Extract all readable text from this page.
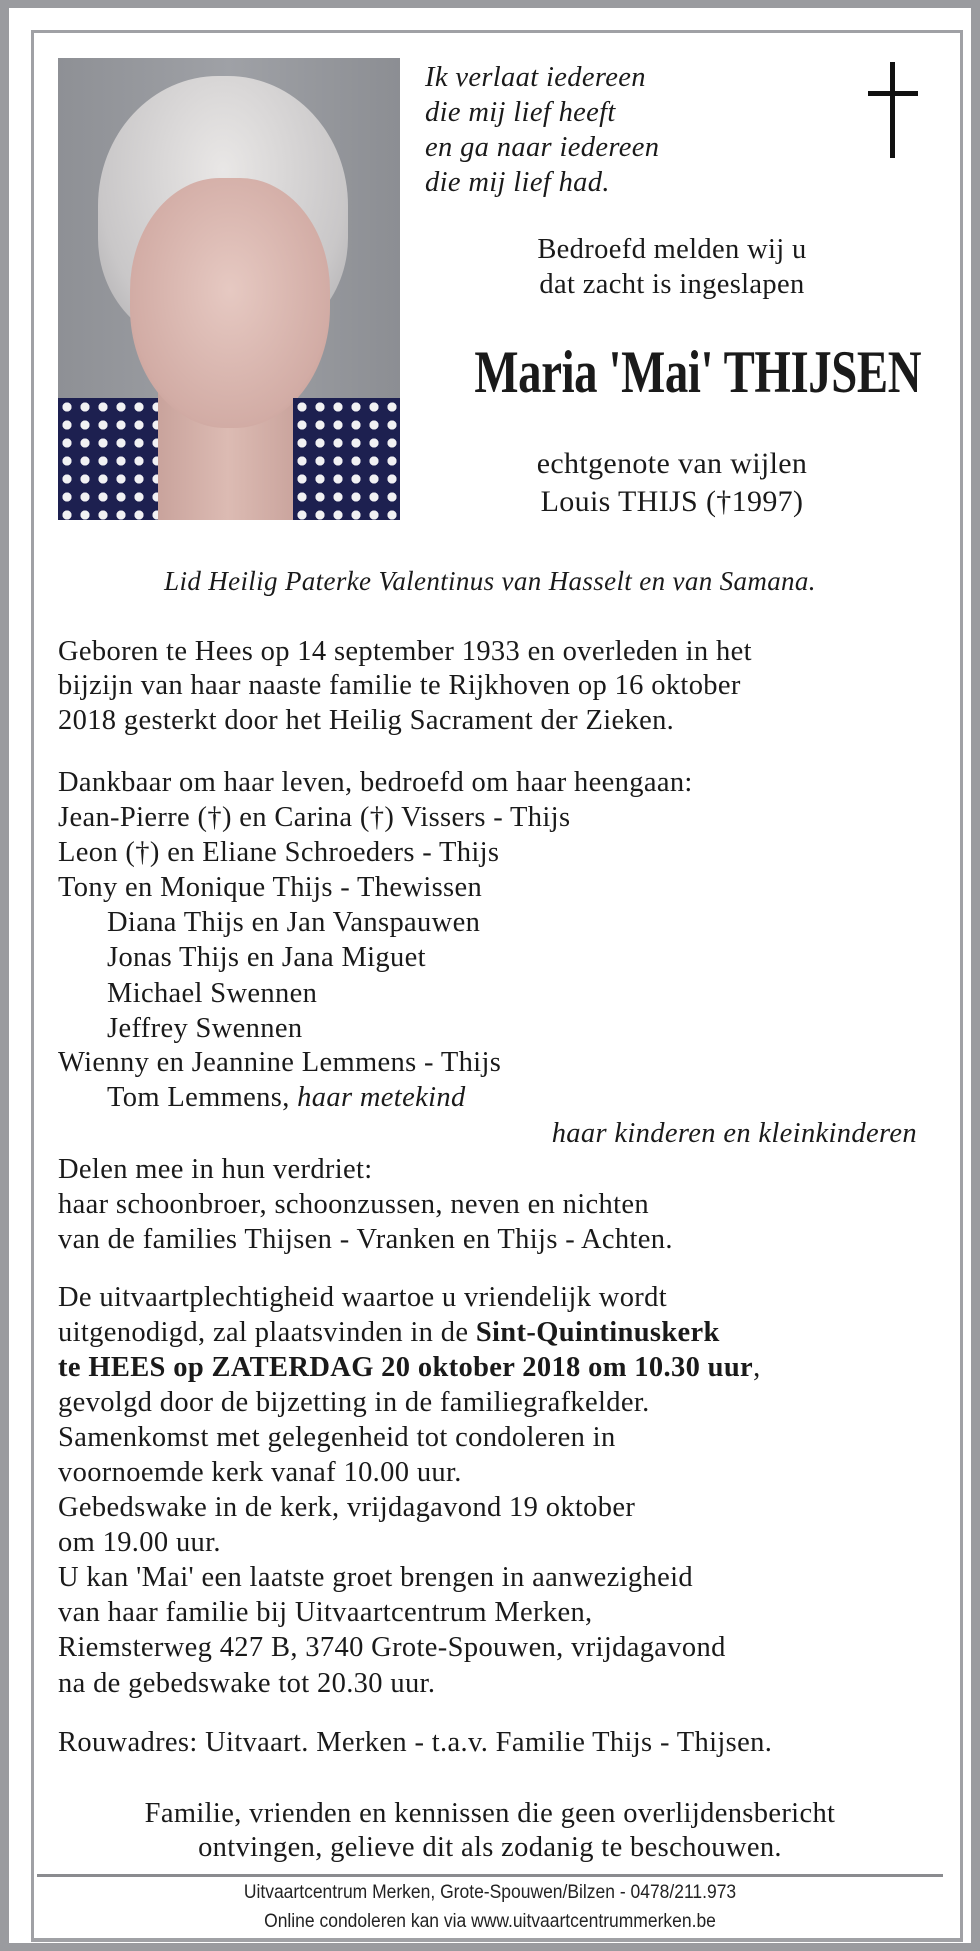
Ik verlaat iedereen
die mij lief heeft
en ga naar iedereen
die mij lief had.
Bedroefd melden wij u
dat zacht is ingeslapen
echtgenote van wijlen
Louis THIJS (†1997)
Lid Heilig Paterke Valentinus van Hasselt en van Samana.
Geboren te Hees op 14 september 1933 en overleden in het
bijzijn van haar naaste familie te Rijkhoven op 16 oktober
2018 gesterkt door het Heilig Sacrament der Zieken.
Dankbaar om haar leven, bedroefd om haar heengaan:
Jean-Pierre (†) en Carina (†) Vissers - Thijs
Leon (†) en Eliane Schroeders - Thijs
Tony en Monique Thijs - Thewissen
Diana Thijs en Jan Vanspauwen
Jonas Thijs en Jana Miguet
Michael Swennen
Jeffrey Swennen
Wienny en Jeannine Lemmens - Thijs
Tom Lemmens, haar metekind
haar kinderen en kleinkinderen
Delen mee in hun verdriet:
haar schoonbroer, schoonzussen, neven en nichten
van de families Thijsen - Vranken en Thijs - Achten.
De uitvaartplechtigheid waartoe u vriendelijk wordt
uitgenodigd, zal plaatsvinden in de Sint-Quintinuskerk
te HEES op ZATERDAG 20 oktober 2018 om 10.30 uur,
gevolgd door de bijzetting in de familiegrafkelder.
Samenkomst met gelegenheid tot condoleren in
voornoemde kerk vanaf 10.00 uur.
Gebedswake in de kerk, vrijdagavond 19 oktober
om 19.00 uur.
U kan 'Mai' een laatste groet brengen in aanwezigheid
van haar familie bij Uitvaartcentrum Merken,
Riemsterweg 427 B, 3740 Grote-Spouwen, vrijdagavond
na de gebedswake tot 20.30 uur.
Rouwadres: Uitvaart. Merken - t.a.v. Familie Thijs - Thijsen.
Familie, vrienden en kennissen die geen overlijdensbericht
ontvingen, gelieve dit als zodanig te beschouwen.
Maria 'Mai' THIJSEN
Uitvaartcentrum Merken, Grote-Spouwen/Bilzen - 0478/211.973
Online condoleren kan via www.uitvaartcentrummerken.be
